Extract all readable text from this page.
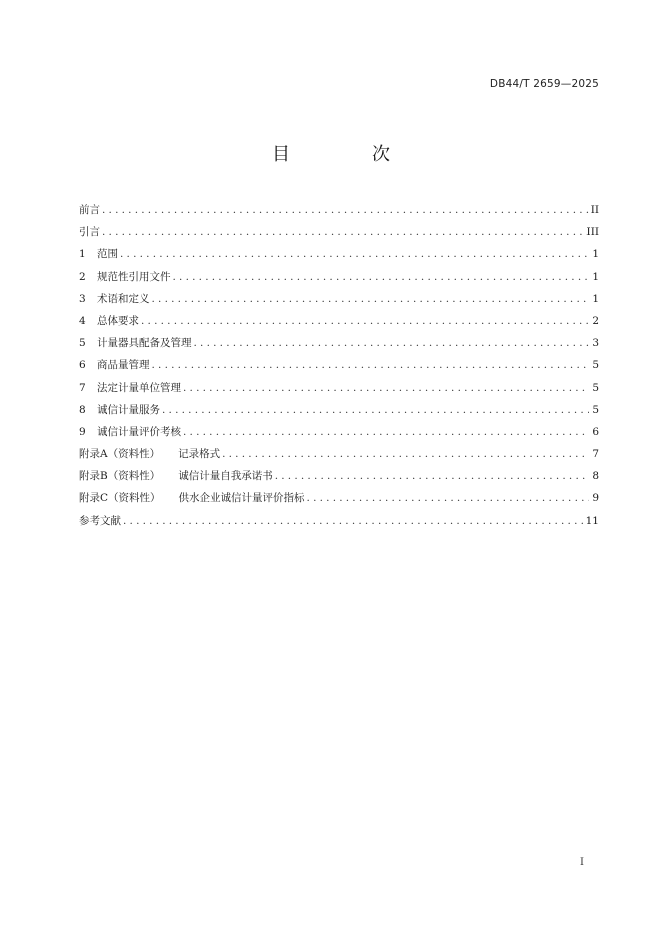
DB44/T 2659—2025
目　次
前言 .....	II
引言 .....	III
1	范围 .....	1
2	规范性引用文件 .....	1
3	术语和定义 .....	1
4	总体要求 .....	2
5	计量器具配备及管理 .....	3
6	商品量管理 .....	5
7	法定计量单位管理 .....	5
8	诚信计量服务 .....	5
9	诚信计量评价考核 .....	6
附录A（资料性）	记录格式 .....	7
附录B（资料性）	诚信计量自我承诺书 .....	8
附录C（资料性）	供水企业诚信计量评价指标 .....	9
参考文献 .....	11
I
